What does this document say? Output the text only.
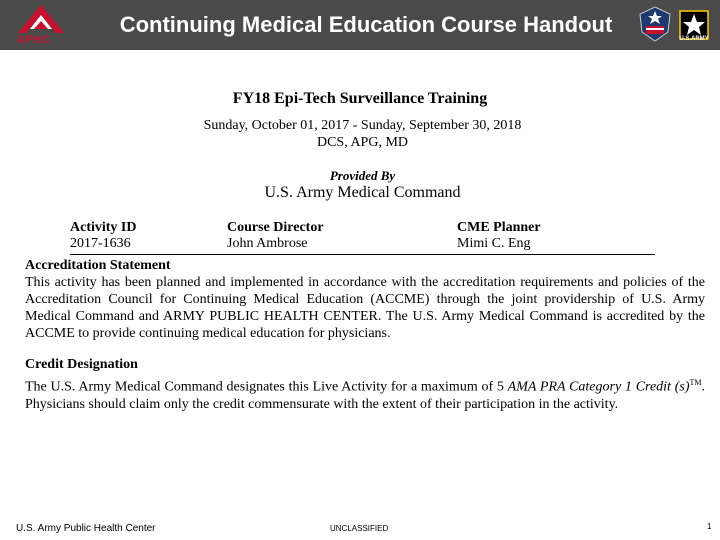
APHC
Continuing Medical Education Course Handout
U.S.ARMY
FY18 Epi-Tech Surveillance Training
Sunday, October 01, 2017 - Sunday, September 30, 2018
DCS, APG, MD
Provided By
U.S. Army Medical Command
Activity ID
2017-1636
Course Director
John Ambrose
CME Planner
Mimi C. Eng
Accreditation Statement
This activity has been planned and implemented in accordance with the accreditation requirements and policies of the Accreditation Council for Continuing Medical Education (ACCME) through the joint providership of U.S. Army Medical Command and ARMY PUBLIC HEALTH CENTER. The U.S. Army Medical Command is accredited by the ACCME to provide continuing medical education for physicians.
Credit Designation
The U.S. Army Medical Command designates this Live Activity for a maximum of 5 AMA PRA Category 1 Credit (s)™. Physicians should claim only the credit commensurate with the extent of their participation in the activity.
U.S. Army Public Health Center	UNCLASSIFIED	1
